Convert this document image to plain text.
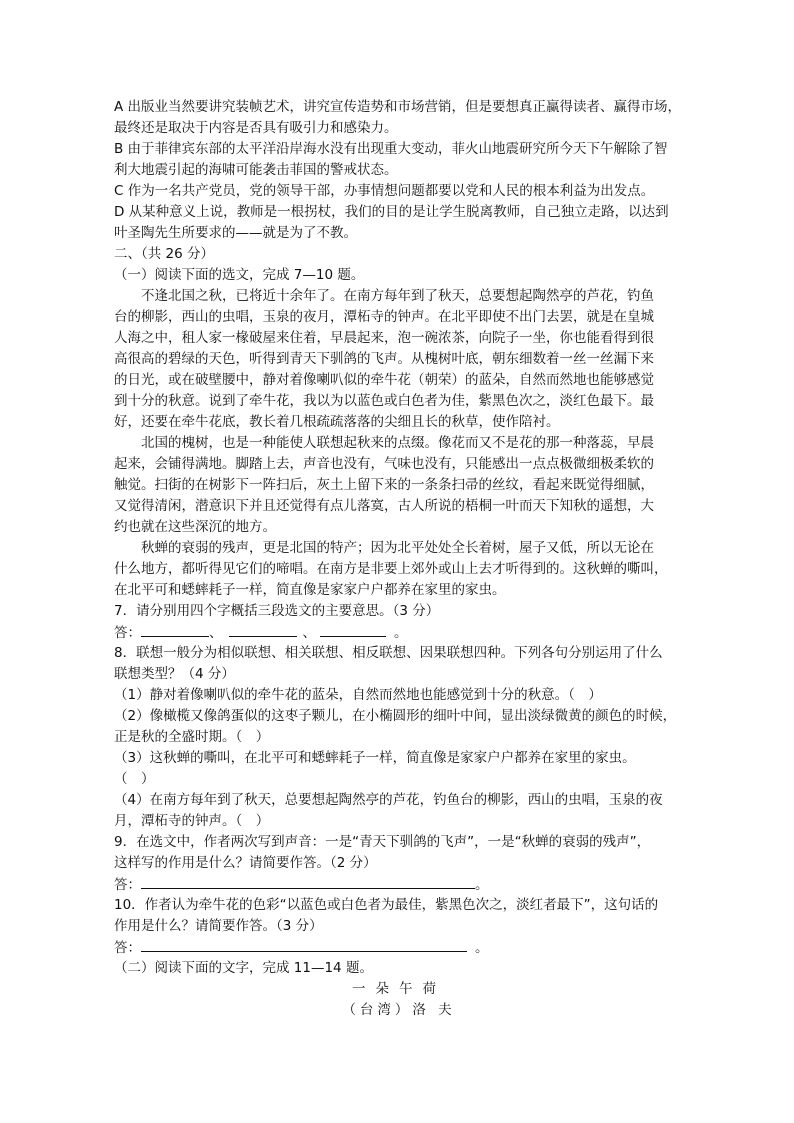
A 出版业当然要讲究装帧艺术，讲究宣传造势和市场营销，但是要想真正赢得读者、赢得市场，

最终还是取决于内容是否具有吸引力和感染力。

B 由于菲律宾东部的太平洋沿岸海水没有出现重大变动，菲火山地震研究所今天下午解除了智

利大地震引起的海啸可能袭击菲国的警戒状态。

C 作为一名共产党员，党的领导干部，办事情想问题都要以党和人民的根本利益为出发点。

D 从某种意义上说，教师是一根拐杖，我们的目的是让学生脱离教师，自己独立走路，以达到

叶圣陶先生所要求的——就是为了不教。

二、（共 26 分）

（一）阅读下面的选文，完成 7—10 题。

不逢北国之秋，已将近十余年了。在南方每年到了秋天，总要想起陶然亭的芦花，钓鱼

台的柳影，西山的虫唱，玉泉的夜月，潭柘寺的钟声。在北平即使不出门去罢，就是在皇城

人海之中，租人家一椽破屋来住着，早晨起来，泡一碗浓茶，向院子一坐，你也能看得到很

高很高的碧绿的天色，听得到青天下驯鸽的飞声。从槐树叶底，朝东细数着一丝一丝漏下来

的日光，或在破壁腰中，静对着像喇叭似的牵牛花（朝荣）的蓝朵，自然而然地也能够感觉

到十分的秋意。说到了牵牛花，我以为以蓝色或白色者为佳，紫黑色次之，淡红色最下。最

好，还要在牵牛花底，教长着几根疏疏落落的尖细且长的秋草，使作陪衬。

北国的槐树，也是一种能使人联想起秋来的点缀。像花而又不是花的那一种落蕊，早晨

起来，会铺得满地。脚踏上去，声音也没有，气味也没有，只能感出一点点极微细极柔软的

触觉。扫街的在树影下一阵扫后，灰土上留下来的一条条扫帚的丝纹，看起来既觉得细腻，

又觉得清闲，潜意识下并且还觉得有点儿落寞，古人所说的梧桐一叶而天下知秋的遥想，大

约也就在这些深沉的地方。

秋蝉的衰弱的残声，更是北国的特产；因为北平处处全长着树，屋子又低，所以无论在

什么地方，都听得见它们的啼唱。在南方是非要上郊外或山上去才听得到的。这秋蝉的嘶叫，

在北平可和蟋蟀耗子一样，简直像是家家户户都养在家里的家虫。

7．请分别用四个字概括三段选文的主要意思。（3 分）

答：	、	、	。

8．联想一般分为相似联想、相关联想、相反联想、因果联想四种。下列各句分别运用了什么

联想类型？（4 分）

（1）静对着像喇叭似的牵牛花的蓝朵，自然而然地也能感觉到十分的秋意。（　）

（2）像橄榄又像鸽蛋似的这枣子颗儿，在小椭圆形的细叶中间，显出淡绿微黄的颜色的时候，

正是秋的全盛时期。（　）

（3）这秋蝉的嘶叫，在北平可和蟋蟀耗子一样，简直像是家家户户都养在家里的家虫。

（　）

（4）在南方每年到了秋天，总要想起陶然亭的芦花，钓鱼台的柳影，西山的虫唱，玉泉的夜

月，潭柘寺的钟声。（　）

9．在选文中，作者两次写到声音：一是“青天下驯鸽的飞声”，一是“秋蝉的衰弱的残声”，

这样写的作用是什么？请简要作答。（2 分）

答：	。

10．作者认为牵牛花的色彩“以蓝色或白色者为最佳，紫黑色次之，淡红者最下”，这句话的

作用是什么？请简要作答。（3 分）

答：	。

（二）阅读下面的文字，完成 11—14 题。

一朵午荷

（台湾）洛 夫
